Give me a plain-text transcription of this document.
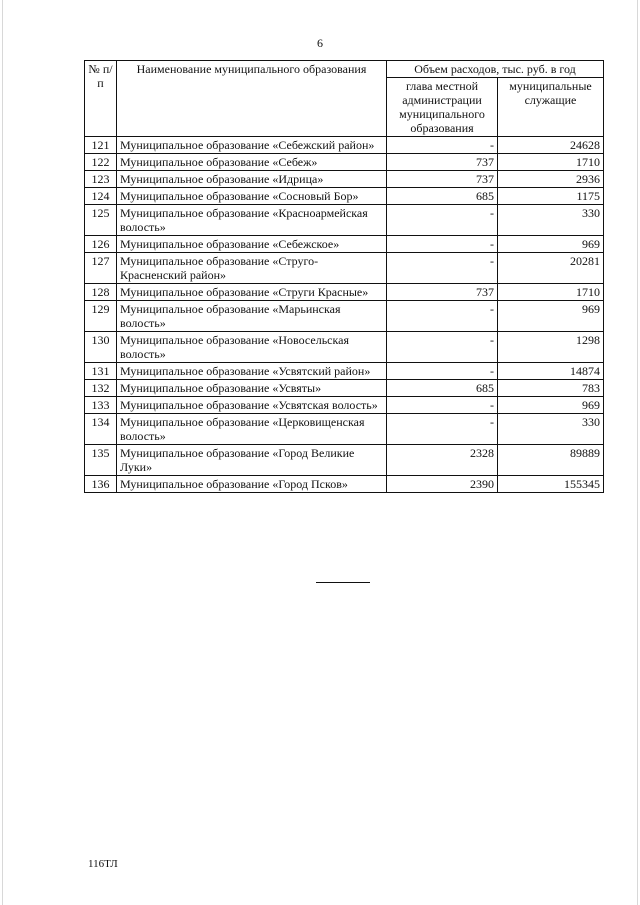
6
№ п/п	Наименование муниципального образования	Объем расходов, тыс. руб. в год	
		глава местной администрации муниципального образования	муниципальные служащие
121	Муниципальное образование «Себежский район»	-	24628
122	Муниципальное образование «Себеж»	737	1710
123	Муниципальное образование «Идрица»	737	2936
124	Муниципальное образование «Сосновый Бор»	685	1175
125	Муниципальное образование «Красноармейская волость»	-	330
126	Муниципальное образование «Себежское»	-	969
127	Муниципальное образование «Струго-Красненский район»	-	20281
128	Муниципальное образование «Струги Красные»	737	1710
129	Муниципальное образование «Марьинская волость»	-	969
130	Муниципальное образование «Новосельская волость»	-	1298
131	Муниципальное образование «Усвятский район»	-	14874
132	Муниципальное образование «Усвяты»	685	783
133	Муниципальное образование «Усвятская волость»	-	969
134	Муниципальное образование «Церковищенская волость»	-	330
135	Муниципальное образование «Город Великие Луки»	2328	89889
136	Муниципальное образование «Город Псков»	2390	155345
116ТЛ
